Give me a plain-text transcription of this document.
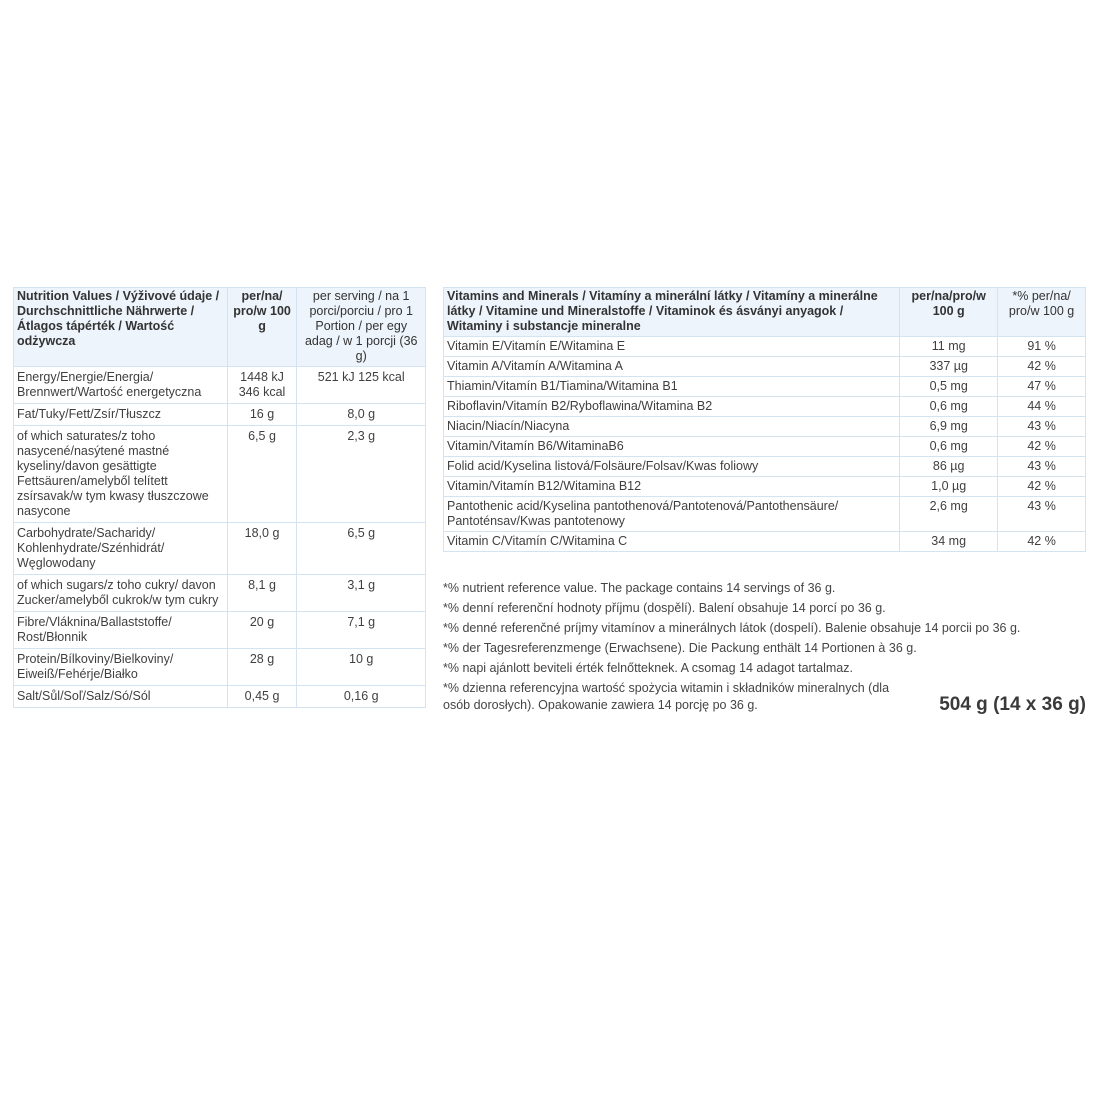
Nutrition Values / Výživové údaje / Durchschnittliche Nährwerte / Átlagos tápérték / Wartość odżywcza	per/na/ pro/w 100 g	per serving / na 1 porci/porciu / pro 1 Portion / per egy adag / w 1 porcji (36 g)
Energy/Energie/Energia/ Brennwert/Wartość energetyczna	1448 kJ 346 kcal	521 kJ 125 kcal
Fat/Tuky/Fett/Zsír/Tłuszcz	16 g	8,0 g
of which saturates/z toho nasycené/nasýtené mastné kyseliny/davon gesättigte Fettsäuren/amelyből telített zsírsavak/w tym kwasy tłuszczowe nasycone	6,5 g	2,3 g
Carbohydrate/Sacharidy/ Kohlenhydrate/Szénhidrát/ Węglowodany	18,0 g	6,5 g
of which sugars/z toho cukry/ davon Zucker/amelyből cukrok/w tym cukry	8,1 g	3,1 g
Fibre/Vláknina/Ballaststoffe/ Rost/Błonnik	20 g	7,1 g
Protein/Bílkoviny/Bielkoviny/ Eiweiß/Fehérje/Białko	28 g	10 g
Salt/Sůl/Soľ/Salz/Só/Sól	0,45 g	0,16 g
Vitamins and Minerals / Vitamíny a minerální látky / Vitamíny a minerálne látky / Vitamine und Mineralstoffe / Vitaminok és ásványi anyagok / Witaminy i substancje mineralne	per/na/pro/w 100 g	*% per/na/ pro/w 100 g
Vitamin E/Vitamín E/Witamina E	11 mg	91 %
Vitamin A/Vitamín A/Witamina A	337 µg	42 %
Thiamin/Vitamín B1/Tiamina/Witamina B1	0,5 mg	47 %
Riboflavin/Vitamín B2/Ryboflawina/Witamina B2	0,6 mg	44 %
Niacin/Niacín/Niacyna	6,9 mg	43 %
Vitamin/Vitamín B6/WitaminaB6	0,6 mg	42 %
Folid acid/Kyselina listová/Folsäure/Folsav/Kwas foliowy	86 µg	43 %
Vitamin/Vitamín B12/Witamina B12	1,0 µg	42 %
Pantothenic acid/Kyselina pantothenová/Pantotenová/Pantothensäure/ Pantoténsav/Kwas pantotenowy	2,6 mg	43 %
Vitamin C/Vitamín C/Witamina C	34 mg	42 %

*% nutrient reference value. The package contains 14 servings of 36 g.

*% denní referenční hodnoty příjmu (dospělí). Balení obsahuje 14 porcí po 36 g.

*% denné referenčné príjmy vitamínov a minerálnych látok (dospelí). Balenie obsahuje 14 porcii po 36 g.

*% der Tagesreferenzmenge (Erwachsene). Die Packung enthält 14 Portionen à 36 g.

*% napi ajánlott beviteli érték felnőtteknek. A csomag 14 adagot tartalmaz.

*% dzienna referencyjna wartość spożycia witamin i składników mineralnych (dla osób dorosłych). Opakowanie zawiera 14 porcję po 36 g.	504 g (14 x 36 g)
